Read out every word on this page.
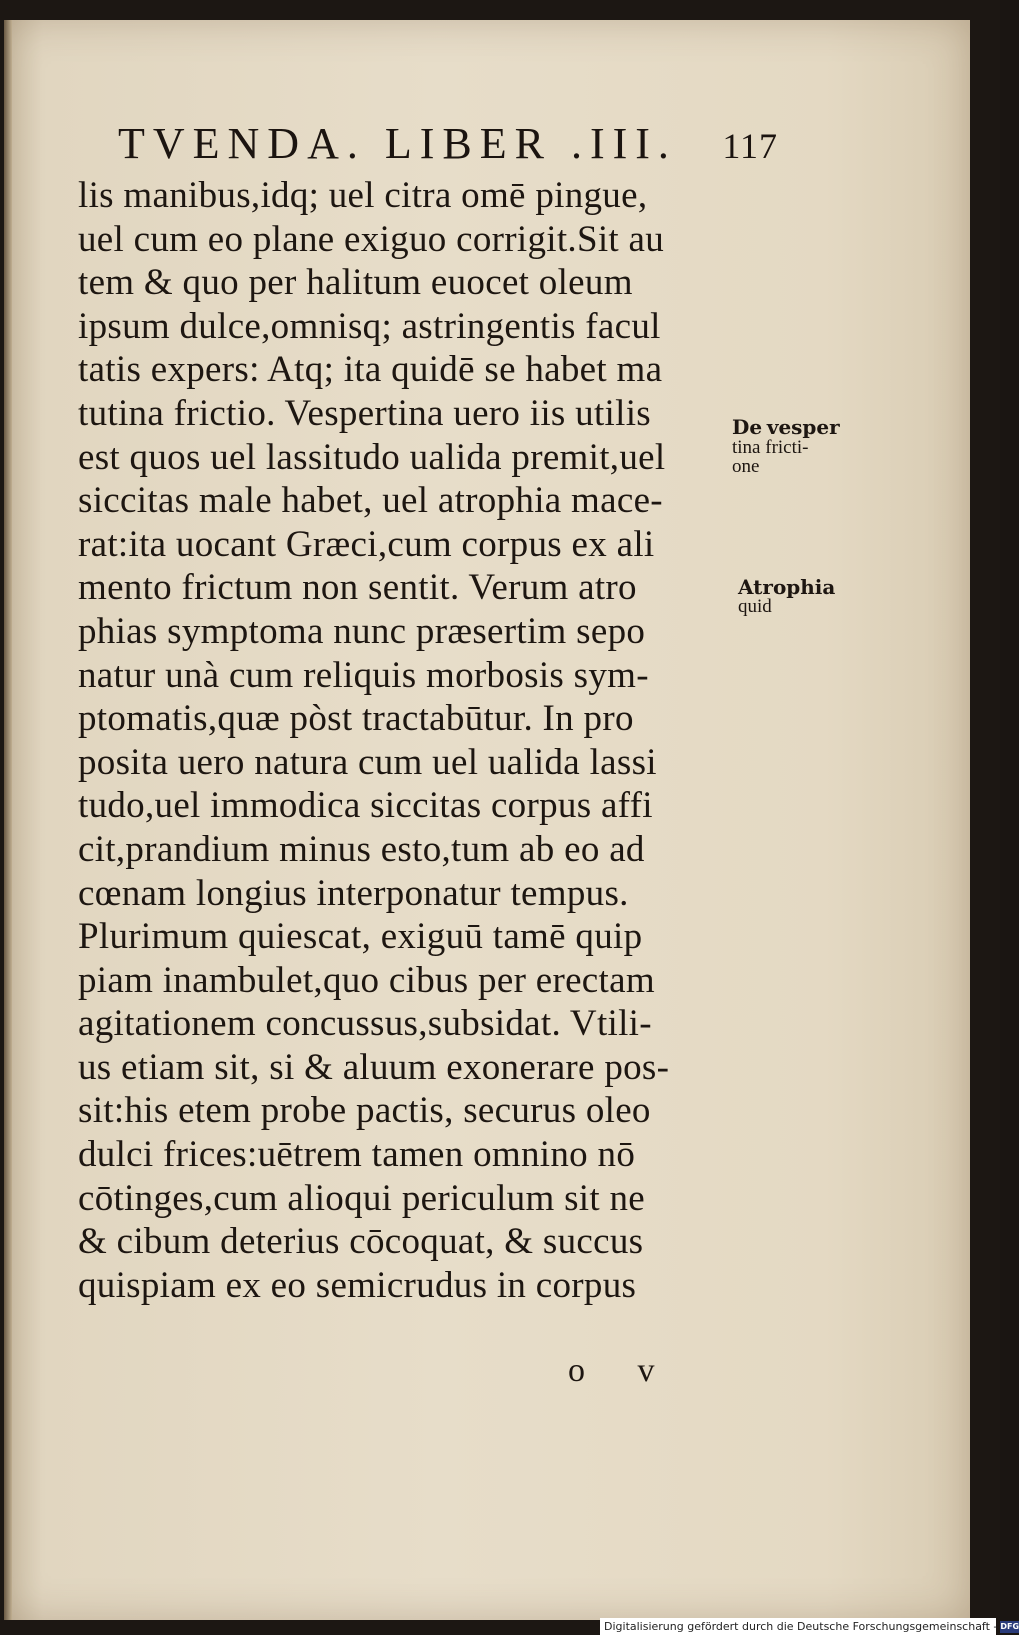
TVENDA. LIBER .III.	117
lis manibus,idq; uel citra omē pingue,
uel cum eo plane exiguo corrigit.Sit au
tem & quo per halitum euocet oleum
ipsum dulce,omnisq; astringentis facul
tatis expers: Atq; ita quidē se habet ma
tutina frictio. Vespertina uero iis utilis
est quos uel lassitudo ualida premit,uel
siccitas male habet, uel atrophia mace-
rat:ita uocant Græci,cum corpus ex ali
mento frictum non sentit. Verum atro
phias symptoma nunc præsertim sepo
natur unà cum reliquis morbosis sym-
ptomatis,quæ pòst tractabūtur. In pro
posita uero natura cum uel ualida lassi
tudo,uel immodica siccitas corpus affi
cit,prandium minus esto,tum ab eo ad
cœnam longius interponatur tempus.
Plurimum quiescat, exiguū tamē quip
piam inambulet,quo cibus per erectam
agitationem concussus,subsidat. Vtili-
us etiam sit, si & aluum exonerare pos-
sit:his etem probe pactis, securus oleo
dulci frices:uētrem tamen omnino nō
cōtinges,cum alioqui periculum sit ne
& cibum deterius cōcoquat, & succus
quispiam ex eo semicrudus in corpus
De vesper
tina fricti-
one
Atrophia
quid
o v
Digitalisierung gefördert durch die Deutsche Forschungsgemeinschaft - DFG
